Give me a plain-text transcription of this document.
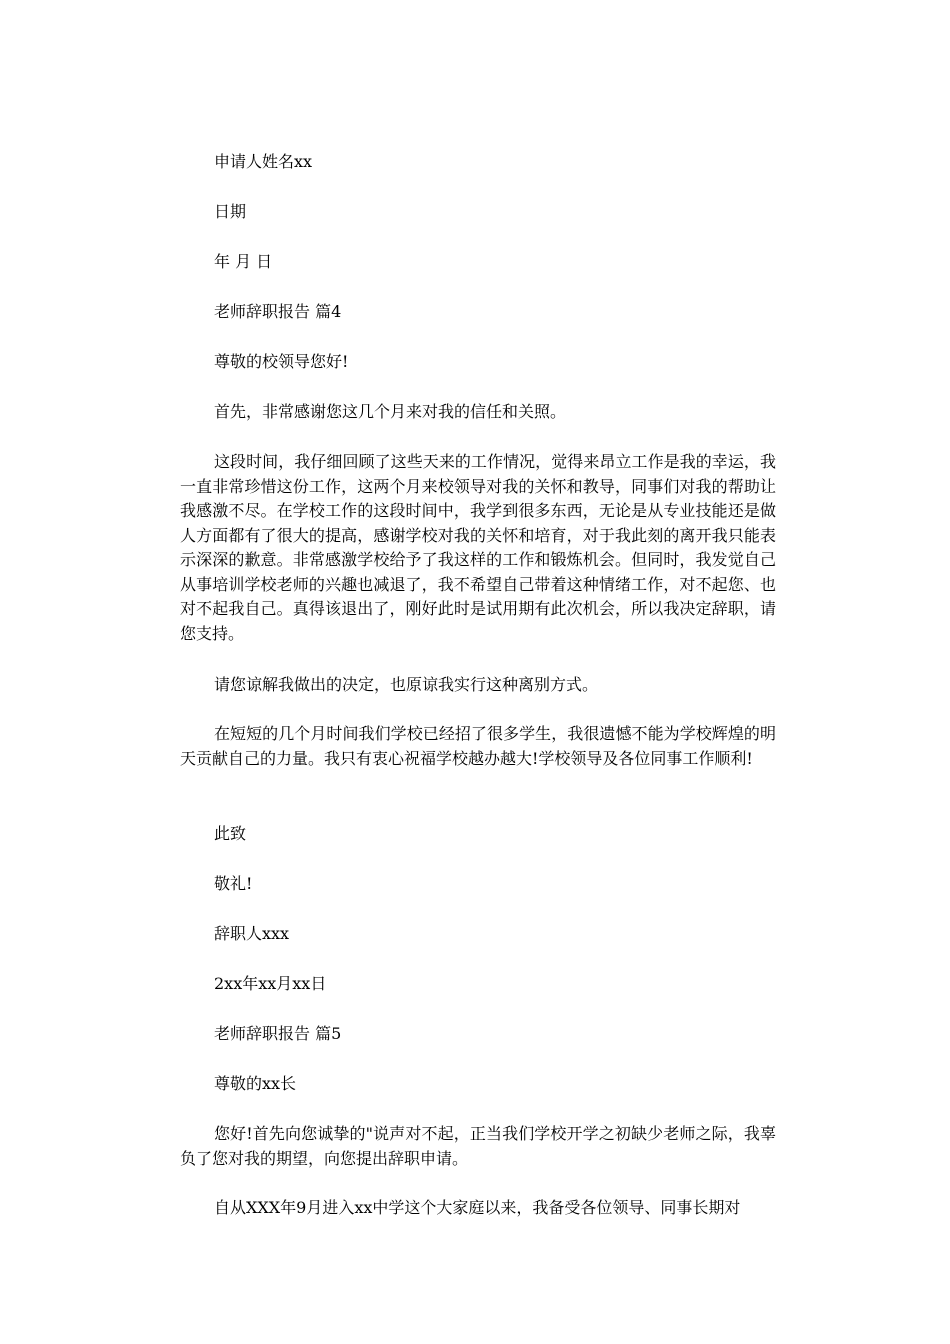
申请人姓名xx
日期
年 月 日
老师辞职报告 篇4
尊敬的校领导您好!
首先，非常感谢您这几个月来对我的信任和关照。
这段时间，我仔细回顾了这些天来的工作情况，觉得来昂立工作是我的幸运，我一直非常珍惜这份工作，这两个月来校领导对我的关怀和教导，同事们对我的帮助让我感激不尽。在学校工作的这段时间中，我学到很多东西，无论是从专业技能还是做人方面都有了很大的提高，感谢学校对我的关怀和培育，对于我此刻的离开我只能表示深深的歉意。非常感激学校给予了我这样的工作和锻炼机会。但同时，我发觉自己从事培训学校老师的兴趣也减退了，我不希望自己带着这种情绪工作，对不起您、也对不起我自己。真得该退出了，刚好此时是试用期有此次机会，所以我决定辞职，请您支持。
请您谅解我做出的决定，也原谅我实行这种离别方式。
在短短的几个月时间我们学校已经招了很多学生，我很遗憾不能为学校辉煌的明天贡献自己的力量。我只有衷心祝福学校越办越大!学校领导及各位同事工作顺利!
此致
敬礼!
辞职人xxx
2xx年xx月xx日
老师辞职报告 篇5
尊敬的xx长
您好!首先向您诚挚的"说声对不起，正当我们学校开学之初缺少老师之际，我辜负了您对我的期望，向您提出辞职申请。
自从XXX年9月进入xx中学这个大家庭以来，我备受各位领导、同事长期对
